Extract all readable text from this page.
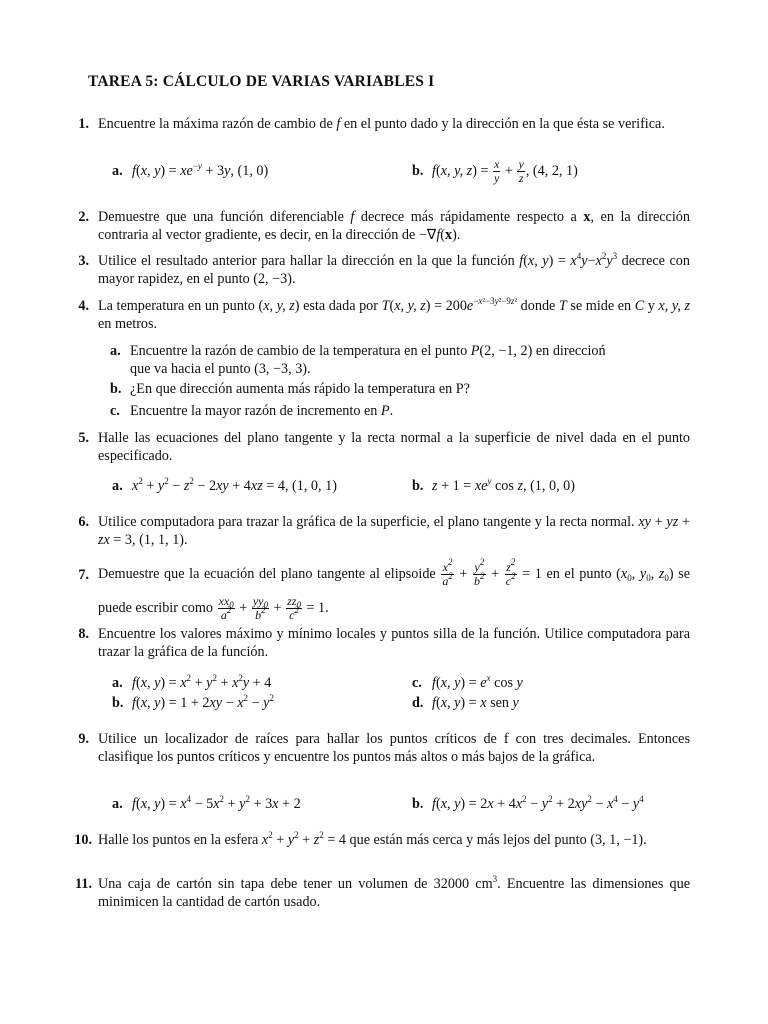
TAREA 5: CÁLCULO DE VARIAS VARIABLES I
1. Encuentre la máxima razón de cambio de f en el punto dado y la dirección en la que ésta se verifica.
a. f(x, $y) = xe^{-y} + 3y$, (1, 0)	b. f(x, y, $z) = \frac{x}{y} + \frac{y}{z}$ , (4, 2, 1)
2. Demuestre que una función diferenciable f decrece más rápidamente respecto a x, en la dirección contraria al vector gradiente, es decir, en la dirección de −∇f(x).
3. Utilice el resultado anterior para hallar la dirección en la que la función f(x, $y) = x^4y-x^2y^3$ decrece con mayor rapidez, en el punto (2, −3).
4. La temperatura en un punto (x, y, z) esta dada por T(x, y, $z) = 200e^{-x^2-3y^2-9z^2}$ donde T se mide en C y x, y, z en metros.
a. Encuentre la razón de cambio de la temperatura en el punto P(2, −1, 2) en direccioń
que va hacia el punto (3, −3, 3).
b. ¿En que dirección aumenta más rápido la temperatura en P?
c. Encuentre la mayor razón de incremento en P.
5. Halle las ecuaciones del plano tangente y la recta normal a la superficie de nivel dada en el punto especificado.
a. $x^2 + y^2 - z^2 - 2xy + 4xz = 4$, (1, 0, 1)	b. $z + 1 = xe^y$ cos z, (1, 0, 0)
6. Utilice computadora para trazar la gráfica de la superficie, el plano tangente y la recta normal. xy + yz + zx = 3, (1, 1, 1).
7. Demuestre que la ecuación del plano tangente al elipsoide $\frac{x^2}{a^2} + \frac{y^2}{b^2} + \frac{z^2}{c^2} = 1$ en el punto ($x_0$, $y_0$, $z_0$) se puede escribir como $\frac{xx_0}{a^2} + \frac{yy_0}{b^2} + \frac{zz_0}{c^2} = 1$.
8. Encuentre los valores máximo y mínimo locales y puntos silla de la función. Utilice computadora para trazar la gráfica de la función.
a. f(x, $y) = x^2 + y^2 + x^2y + 4$
b. f(x, $y) = 1 + 2xy - x^2 - y^2$
c. f(x, $y) = e^x$ cos y
d. f(x, y) = x sen y
9. Utilice un localizador de raíces para hallar los puntos críticos de f con tres decimales. Entonces clasifique los puntos críticos y encuentre los puntos más altos o más bajos de la gráfica.
a. f(x, $y) = x^4 - 5x^2 + y^2 + 3x + 2$	b. f(x, $y) = 2x + 4x^2 - y^2 + 2xy^2 - x^4 - y^4$
10. Halle los puntos en la esfera $x^2 + y^2 + z^2 = 4$ que están más cerca y más lejos del punto (3, 1, −1).
11. Una caja de cartón sin tapa debe tener un volumen de 32000 $cm^3$. Encuentre las dimensiones que minimicen la cantidad de cartón usado.
